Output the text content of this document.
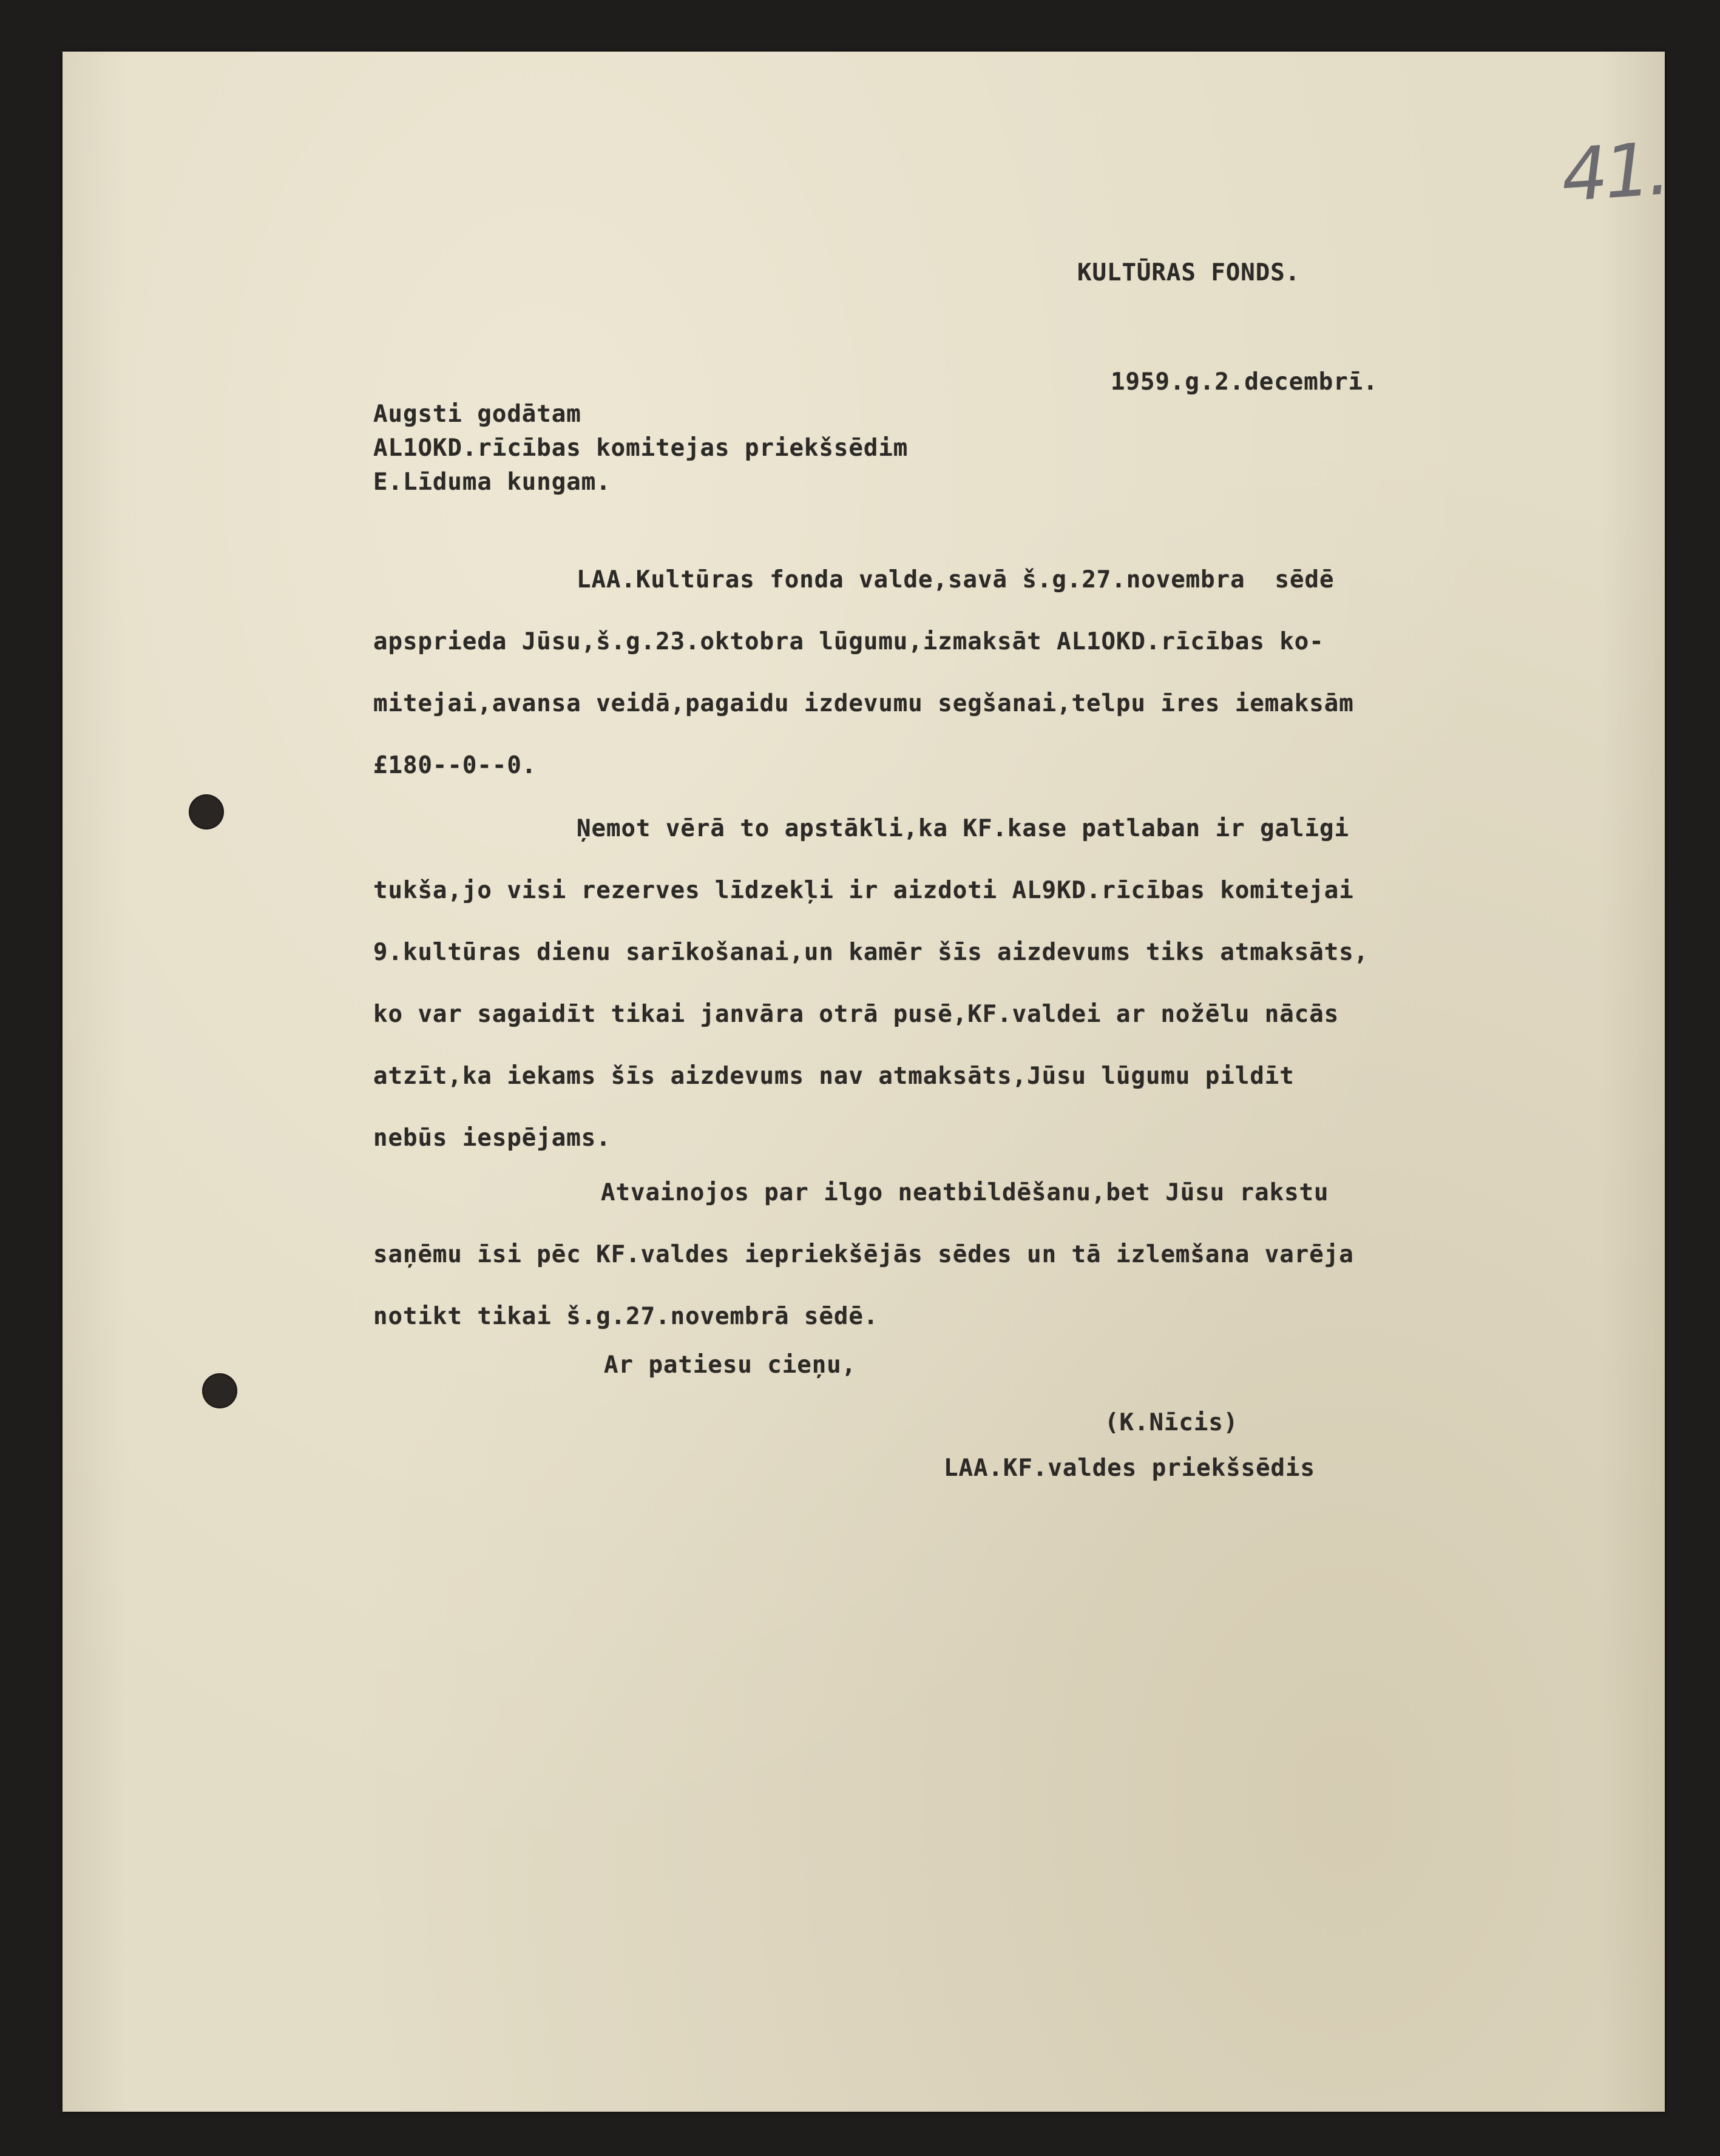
41.
KULTŪRAS FONDS.
1959.g.2.decembrī.
Augsti godātam
AL1OKD.rīcības komitejas priekšsēdim
E.Līduma kungam.
LAA.Kultūras fonda valde,savā š.g.27.novembra  sēdē
apsprieda Jūsu,š.g.23.oktobra lūgumu,izmaksāt AL1OKD.rīcības ko-
mitejai,avansa veidā,pagaidu izdevumu segšanai,telpu īres iemaksām
£180--0--0.
Ņemot vērā to apstākli,ka KF.kase patlaban ir galīgi
tukša,jo visi rezerves līdzekļi ir aizdoti AL9KD.rīcības komitejai
9.kultūras dienu sarīkošanai,un kamēr šīs aizdevums tiks atmaksāts,
ko var sagaidīt tikai janvāra otrā pusē,KF.valdei ar nožēlu nācās
atzīt,ka iekams šīs aizdevums nav atmaksāts,Jūsu lūgumu pildīt
nebūs iespējams.
Atvainojos par ilgo neatbildēšanu,bet Jūsu rakstu
saņēmu īsi pēc KF.valdes iepriekšējās sēdes un tā izlemšana varēja
notikt tikai š.g.27.novembrā sēdē.
Ar patiesu cieņu,
(K.Nīcis)
LAA.KF.valdes priekšsēdis
